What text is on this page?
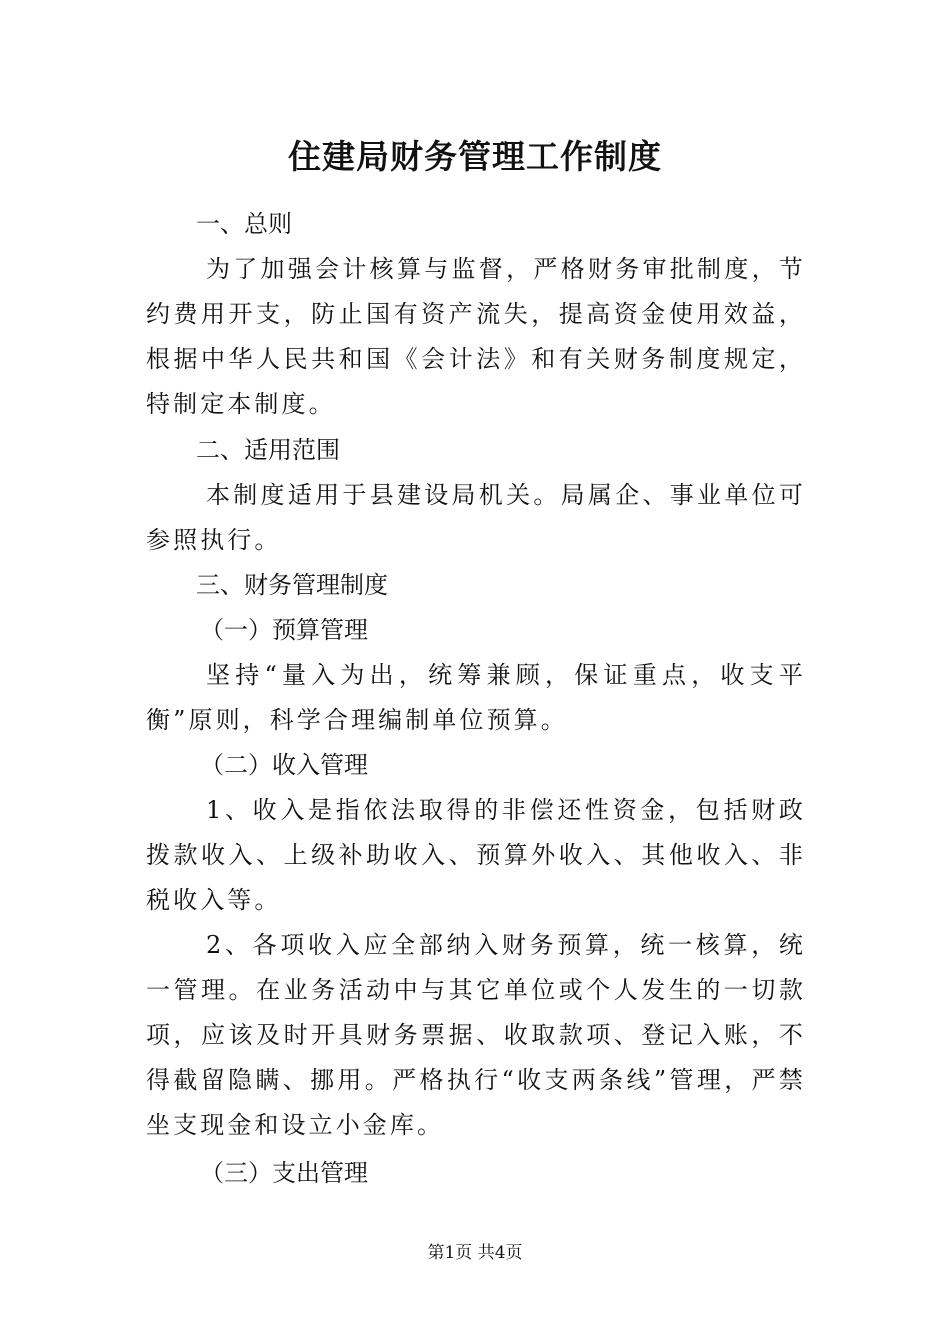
住建局财务管理工作制度
一、总则

为了加强会计核算与监督，严格财务审批制度，节约费用开支，防止国有资产流失，提高资金使用效益，根据中华人民共和国《会计法》和有关财务制度规定，特制定本制度。

二、适用范围

本制度适用于县建设局机关。局属企、事业单位可参照执行。

三、财务管理制度
（一）预算管理

坚持“量入为出，统筹兼顾，保证重点，收支平衡”原则，科学合理编制单位预算。

（二）收入管理

1、收入是指依法取得的非偿还性资金，包括财政拨款收入、上级补助收入、预算外收入、其他收入、非税收入等。

2、各项收入应全部纳入财务预算，统一核算，统一管理。在业务活动中与其它单位或个人发生的一切款项，应该及时开具财务票据、收取款项、登记入账，不得截留隐瞒、挪用。严格执行“收支两条线”管理，严禁坐支现金和设立小金库。

（三）支出管理
第1页 共4页
